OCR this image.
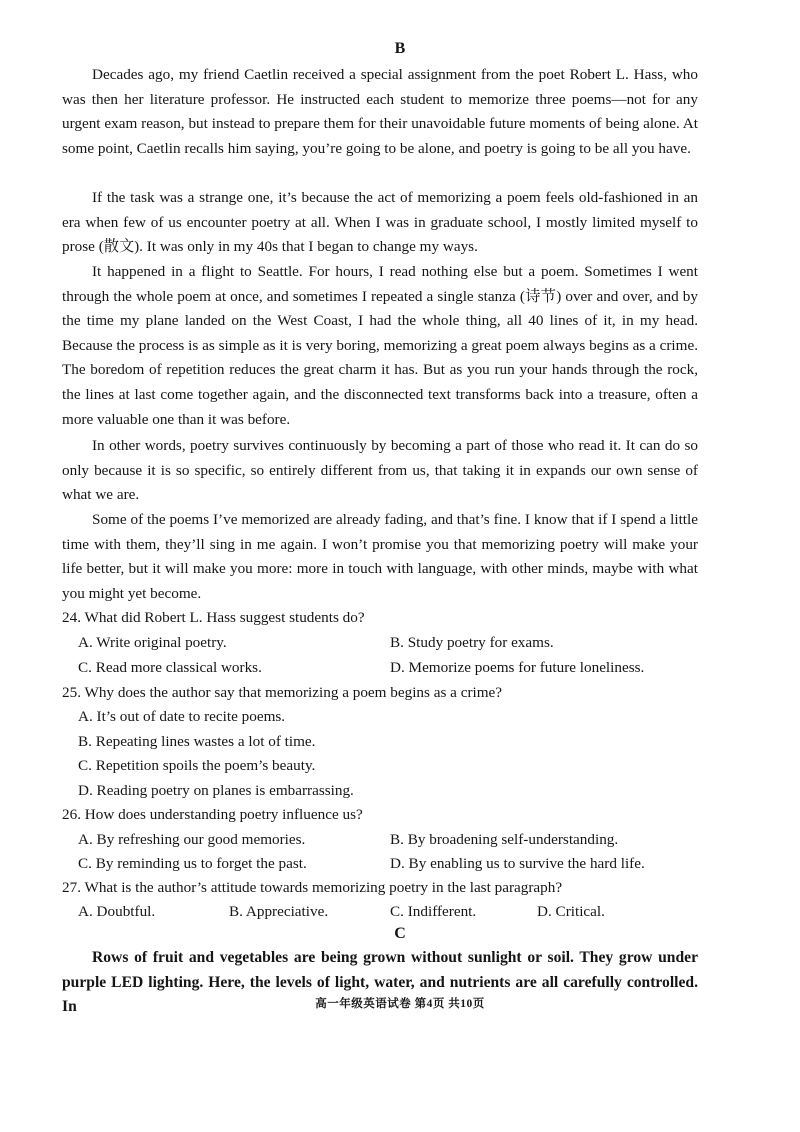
B

Decades ago, my friend Caetlin received a special assignment from the poet Robert L. Hass, who was then her literature professor. He instructed each student to memorize three poems—not for any urgent exam reason, but instead to prepare them for their unavoidable future moments of being alone. At some point, Caetlin recalls him saying, you’re going to be alone, and poetry is going to be all you have.

If the task was a strange one, it’s because the act of memorizing a poem feels old-fashioned in an era when few of us encounter poetry at all. When I was in graduate school, I mostly limited myself to prose (散文). It was only in my 40s that I began to change my ways.

It happened in a flight to Seattle. For hours, I read nothing else but a poem. Sometimes I went through the whole poem at once, and sometimes I repeated a single stanza (诗节) over and over, and by the time my plane landed on the West Coast, I had the whole thing, all 40 lines of it, in my head. Because the process is as simple as it is very boring, memorizing a great poem always begins as a crime. The boredom of repetition reduces the great charm it has. But as you run your hands through the rock, the lines at last come together again, and the disconnected text transforms back into a treasure, often a more valuable one than it was before.

In other words, poetry survives continuously by becoming a part of those who read it. It can do so only because it is so specific, so entirely different from us, that taking it in expands our own sense of what we are.

Some of the poems I’ve memorized are already fading, and that’s fine. I know that if I spend a little time with them, they’ll sing in me again. I won’t promise you that memorizing poetry will make your life better, but it will make you more: more in touch with language, with other minds, maybe with what you might yet become.

24. What did Robert L. Hass suggest students do?
A. Write original poetry.	B. Study poetry for exams.
C. Read more classical works.	D. Memorize poems for future loneliness.
25. Why does the author say that memorizing a poem begins as a crime?
A. It’s out of date to recite poems.
B. Repeating lines wastes a lot of time.
C. Repetition spoils the poem’s beauty.
D. Reading poetry on planes is embarrassing.
26. How does understanding poetry influence us?
A. By refreshing our good memories.	B. By broadening self-understanding.
C. By reminding us to forget the past.	D. By enabling us to survive the hard life.
27. What is the author’s attitude towards memorizing poetry in the last paragraph?
A. Doubtful.	B. Appreciative.	C. Indifferent.	D. Critical.
C

Rows of fruit and vegetables are being grown without sunlight or soil. They grow under purple LED lighting. Here, the levels of light, water, and nutrients are all carefully controlled. In	高一年级英语试卷 第4页 共10页
